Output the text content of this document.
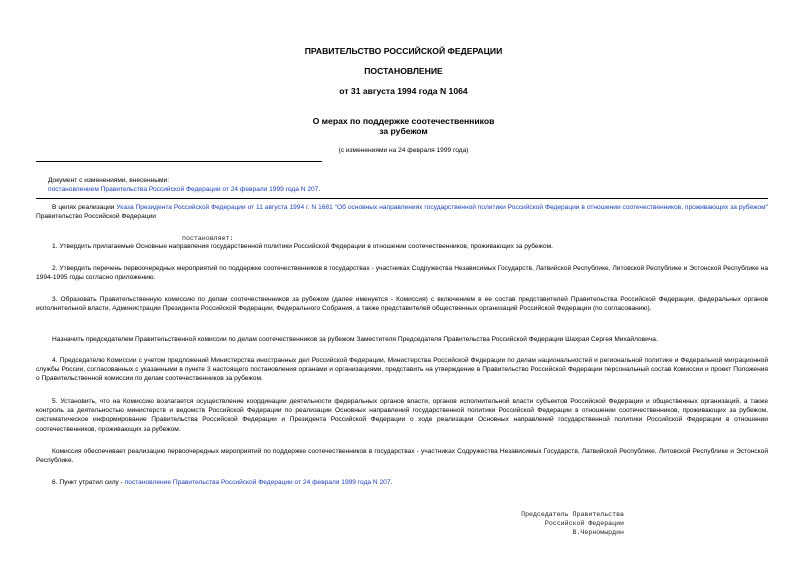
ПРАВИТЕЛЬСТВО РОССИЙСКОЙ ФЕДЕРАЦИИ
ПОСТАНОВЛЕНИЕ
от 31 августа 1994 года N 1064
О мерах по поддержке соотечественников
за рубежом
(с изменениями на 24 февраля 1999 года)
Документ с изменениями, внесенными:
постановлением Правительства Российской Федерации от 24 февраля 1999 года N 207.
В целях реализации Указа Президента Российской Федерации от 11 августа 1994 г. N 1681 "Об основных направлениях государственной политики Российской Федерации в отношении соотечественников, проживающих за рубежом" Правительство Российской Федерации
постановляет:
1. Утвердить прилагаемые Основные направления государственной политики Российской Федерации в отношении соотечественников, проживающих за рубежом.
2. Утвердить перечень первоочередных мероприятий по поддержке соотечественников в государствах - участниках Содружества Независимых Государств, Латвийской Республике, Литовской Республике и Эстонской Республике на 1994-1995 годы согласно приложению.
3. Образовать Правительственную комиссию по делам соотечественников за рубежом (далее именуется - Комиссия) с включением в ее состав представителей Правительства Российской Федерации, федеральных органов исполнительной власти, Администрации Президента Российской Федерации, Федерального Собрания, а также представителей общественных организаций Российской Федерации (по согласованию).
Назначить председателем Правительственной комиссии по делам соотечественников за рубежом Заместителя Председателя Правительства Российской Федерации Шахрая Сергея Михайловича.
4. Председателю Комиссии с учетом предложений Министерства иностранных дел Российской Федерации, Министерства Российской Федерации по делам национальностей и региональной политике и Федеральной миграционной службы России, согласованных с указанными в пункте 3 настоящего постановления органами и организациями, представить на утверждение в Правительство Российской Федерации персональный состав Комиссии и проект Положения о Правительственной комиссии по делам соотечественников за рубежом.
5. Установить, что на Комиссию возлагается осуществление координации деятельности федеральных органов власти, органов исполнительной власти субъектов Российской Федерации и общественных организаций, а также контроль за деятельностью министерств и ведомств Российской Федерации по реализации Основных направлений государственной политики Российской Федерации в отношении соотечественников, проживающих за рубежом, систематическое информирование Правительства Российской Федерации и Президента Российской Федерации о ходе реализации Основных направлений государственной политики Российской Федерации в отношении соотечественников, проживающих за рубежом.
Комиссия обеспечивает реализацию первоочередных мероприятий по поддержке соотечественников в государствах - участниках Содружества Независимых Государств, Латвийской Республике, Литовской Республике и Эстонской Республике.
6. Пункт утратил силу - постановление Правительства Российской Федерации от 24 февраля 1999 года N 207.
Председатель Правительства
Российской Федерации
В.Черномырдин
